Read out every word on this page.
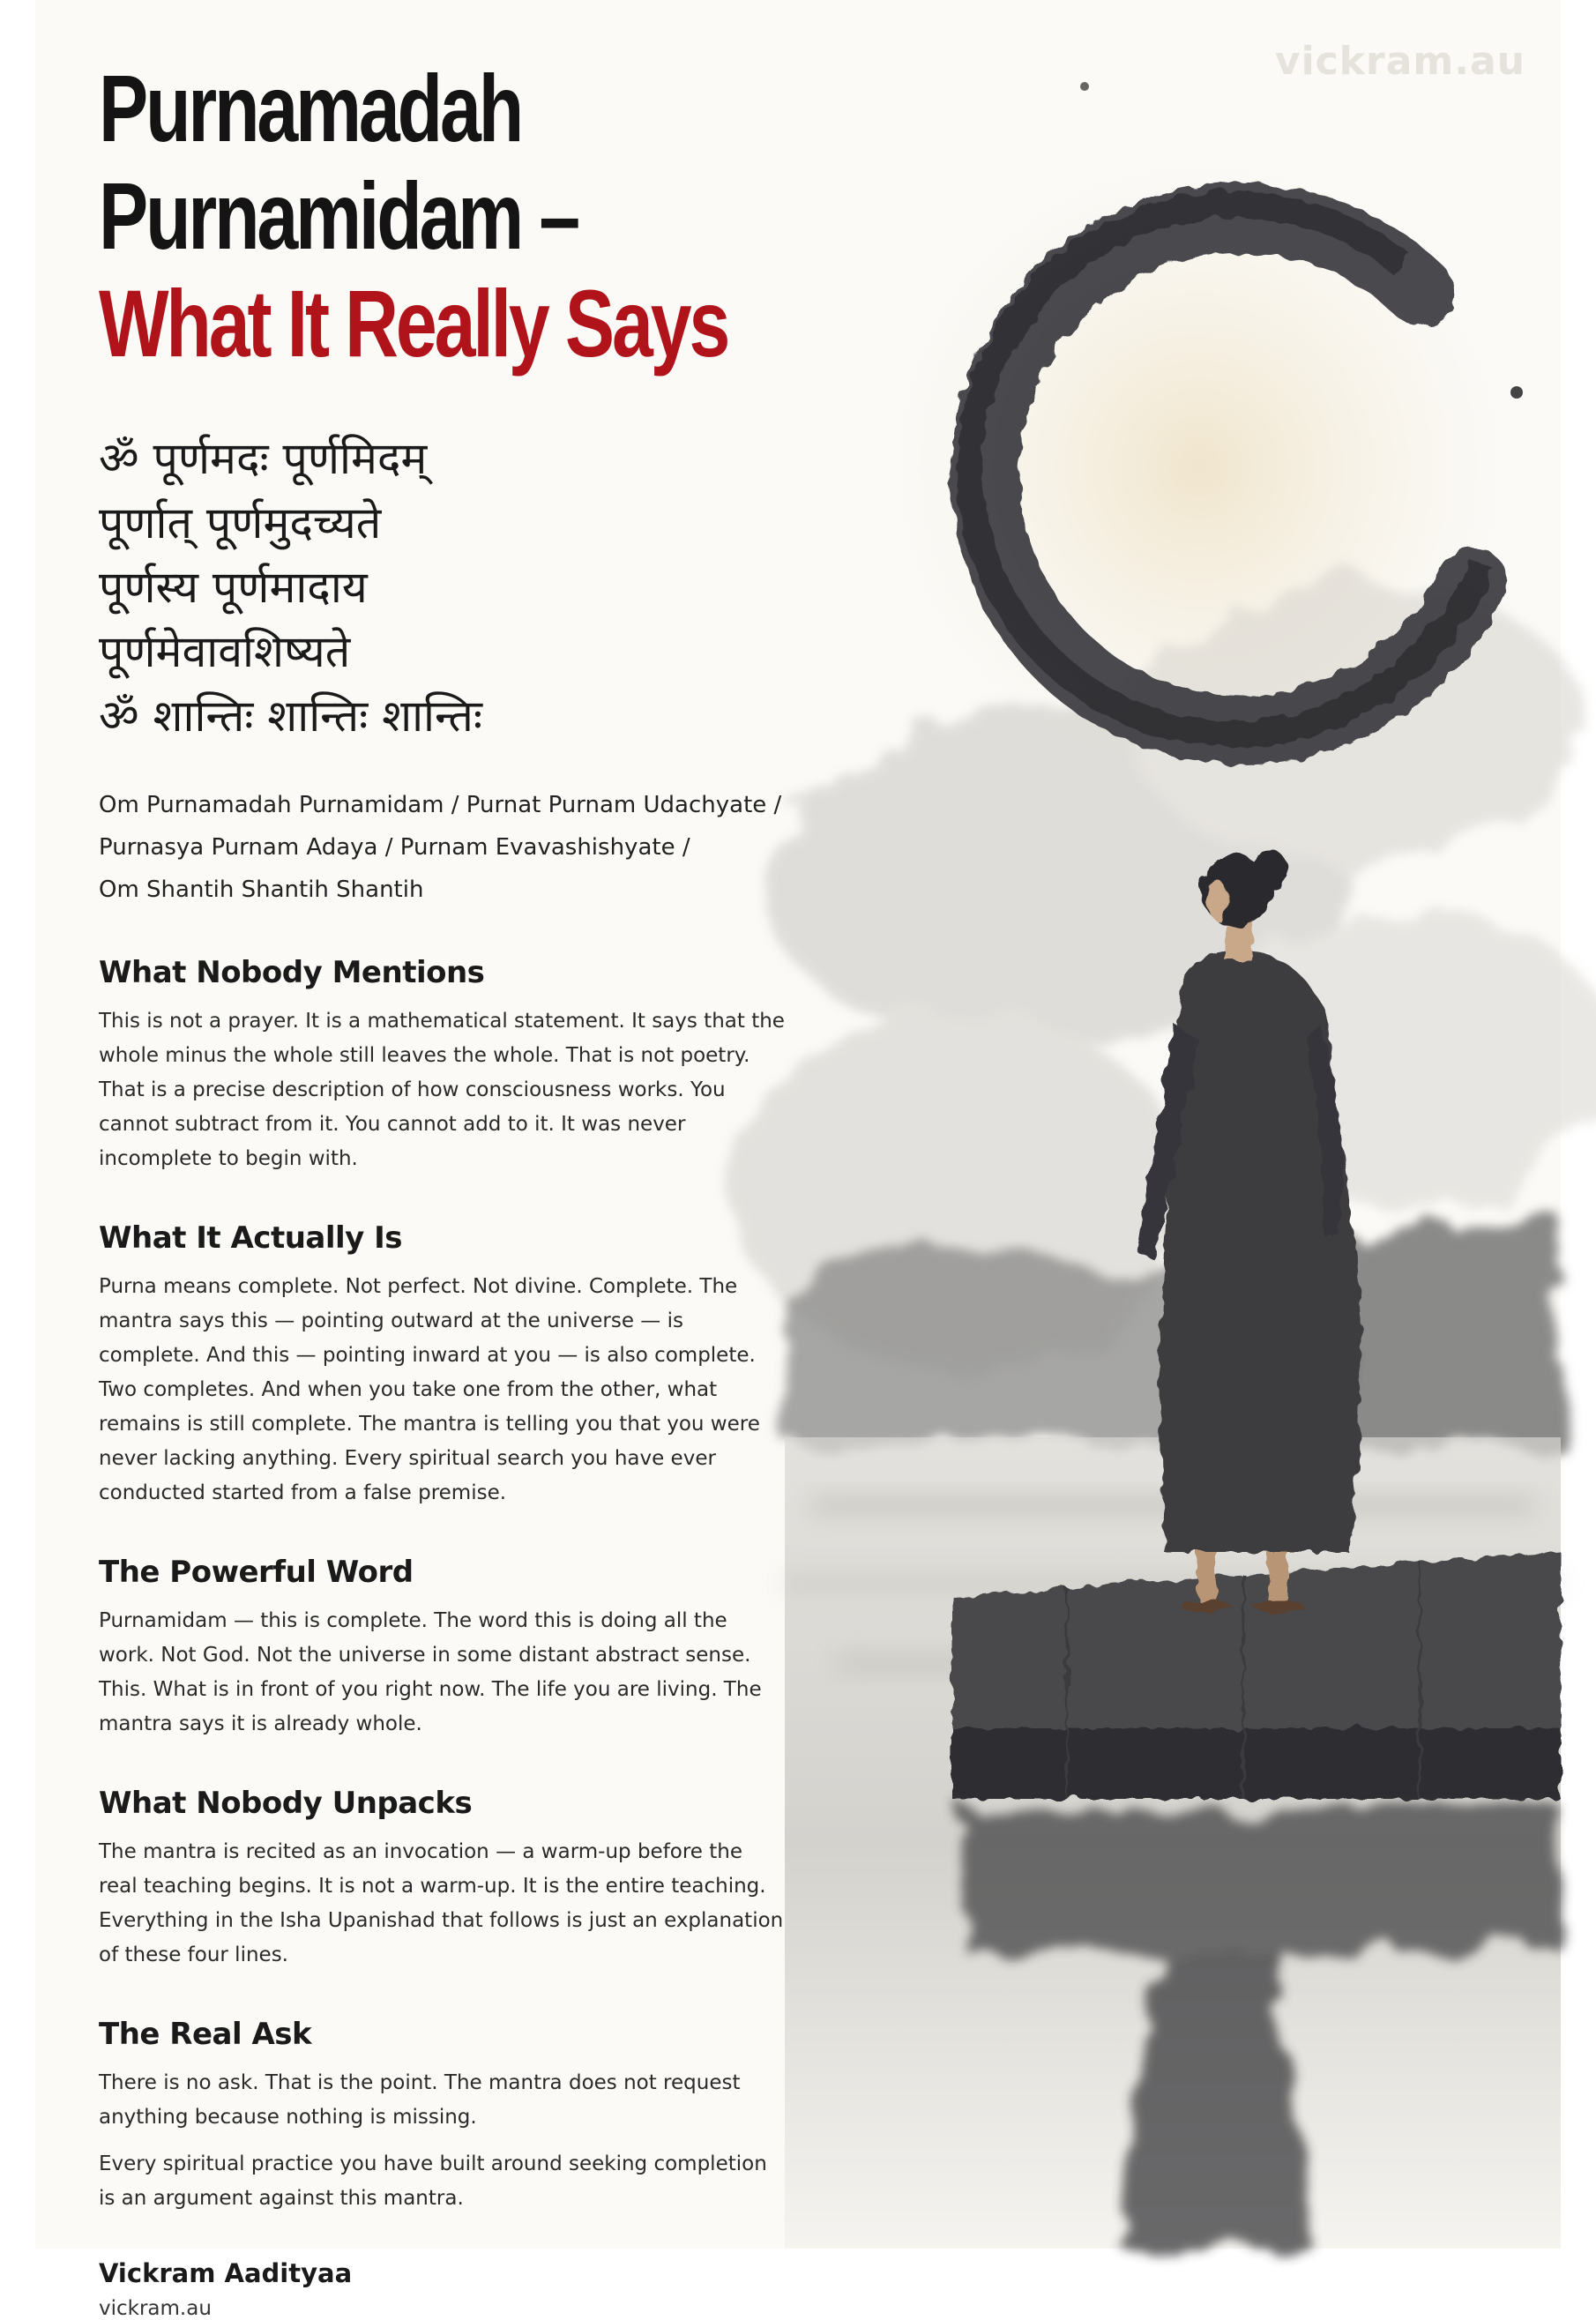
vickram.au
Purnamadah Purnamidam –
What It Really Says
ॐ पूर्णमदः पूर्णमिदम्
पूर्णात् पूर्णमुदच्यते
पूर्णस्य पूर्णमादाय
पूर्णमेवावशिष्यते
ॐ शान्तिः शान्तिः शान्तिः
Om Purnamadah Purnamidam / Purnat Purnam Udachyate /
Purnasya Purnam Adaya / Purnam Evavashishyate /
Om Shantih Shantih Shantih
What Nobody Mentions

This is not a prayer. It is a mathematical statement. It says that the whole minus the whole still leaves the whole. That is not poetry. That is a precise description of how consciousness works. You cannot subtract from it. You cannot add to it. It was never incomplete to begin with.

What It Actually Is

Purna means complete. Not perfect. Not divine. Complete. The mantra says this — pointing outward at the universe — is complete. And this — pointing inward at you — is also complete. Two completes. And when you take one from the other, what remains is still complete. The mantra is telling you that you were never lacking anything. Every spiritual search you have ever conducted started from a false premise.

The Powerful Word

Purnamidam — this is complete. The word this is doing all the work. Not God. Not the universe in some distant abstract sense. This. What is in front of you right now. The life you are living. The mantra says it is already whole.

What Nobody Unpacks

The mantra is recited as an invocation — a warm-up before the real teaching begins. It is not a warm-up. It is the entire teaching. Everything in the Isha Upanishad that follows is just an explanation of these four lines.

The Real Ask

There is no ask. That is the point. The mantra does not request anything because nothing is missing.

Every spiritual practice you have built around seeking completion is an argument against this mantra.

Vickram Aadityaa
vickram.au
